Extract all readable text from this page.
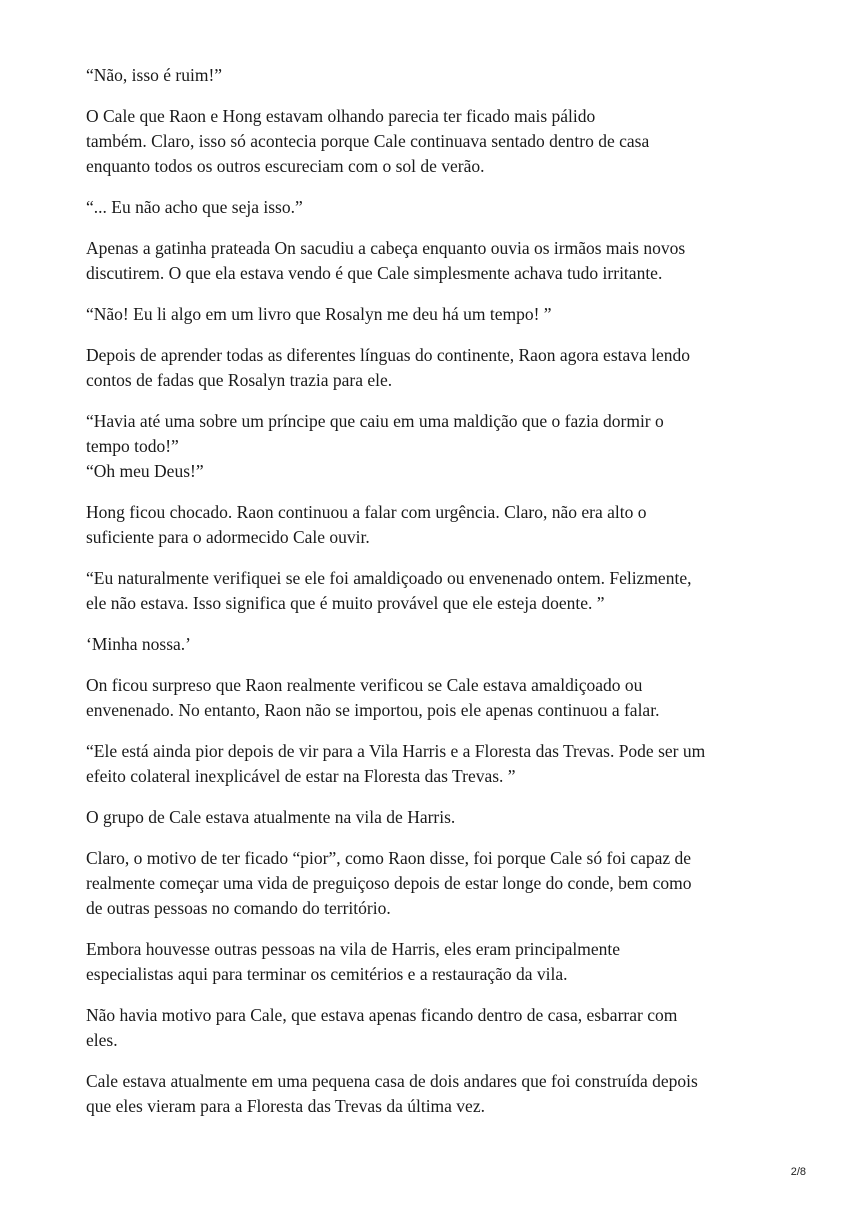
“Não, isso é ruim!”

O Cale que Raon e Hong estavam olhando parecia ter ficado mais pálido
também. Claro, isso só acontecia porque Cale continuava sentado dentro de casa
enquanto todos os outros escureciam com o sol de verão.

“... Eu não acho que seja isso.”

Apenas a gatinha prateada On sacudiu a cabeça enquanto ouvia os irmãos mais novos
discutirem. O que ela estava vendo é que Cale simplesmente achava tudo irritante.

“Não! Eu li algo em um livro que Rosalyn me deu há um tempo! ”

Depois de aprender todas as diferentes línguas do continente, Raon agora estava lendo
contos de fadas que Rosalyn trazia para ele.

“Havia até uma sobre um príncipe que caiu em uma maldição que o fazia dormir o
tempo todo!”
“Oh meu Deus!”

Hong ficou chocado. Raon continuou a falar com urgência. Claro, não era alto o
suficiente para o adormecido Cale ouvir.

“Eu naturalmente verifiquei se ele foi amaldiçoado ou envenenado ontem. Felizmente,
ele não estava. Isso significa que é muito provável que ele esteja doente. ”

‘Minha nossa.’

On ficou surpreso que Raon realmente verificou se Cale estava amaldiçoado ou
envenenado. No entanto, Raon não se importou, pois ele apenas continuou a falar.

“Ele está ainda pior depois de vir para a Vila Harris e a Floresta das Trevas. Pode ser um
efeito colateral inexplicável de estar na Floresta das Trevas. ”

O grupo de Cale estava atualmente na vila de Harris.

Claro, o motivo de ter ficado “pior”, como Raon disse, foi porque Cale só foi capaz de
realmente começar uma vida de preguiçoso depois de estar longe do conde, bem como
de outras pessoas no comando do território.

Embora houvesse outras pessoas na vila de Harris, eles eram principalmente
especialistas aqui para terminar os cemitérios e a restauração da vila.

Não havia motivo para Cale, que estava apenas ficando dentro de casa, esbarrar com
eles.

Cale estava atualmente em uma pequena casa de dois andares que foi construída depois
que eles vieram para a Floresta das Trevas da última vez.

2/8
